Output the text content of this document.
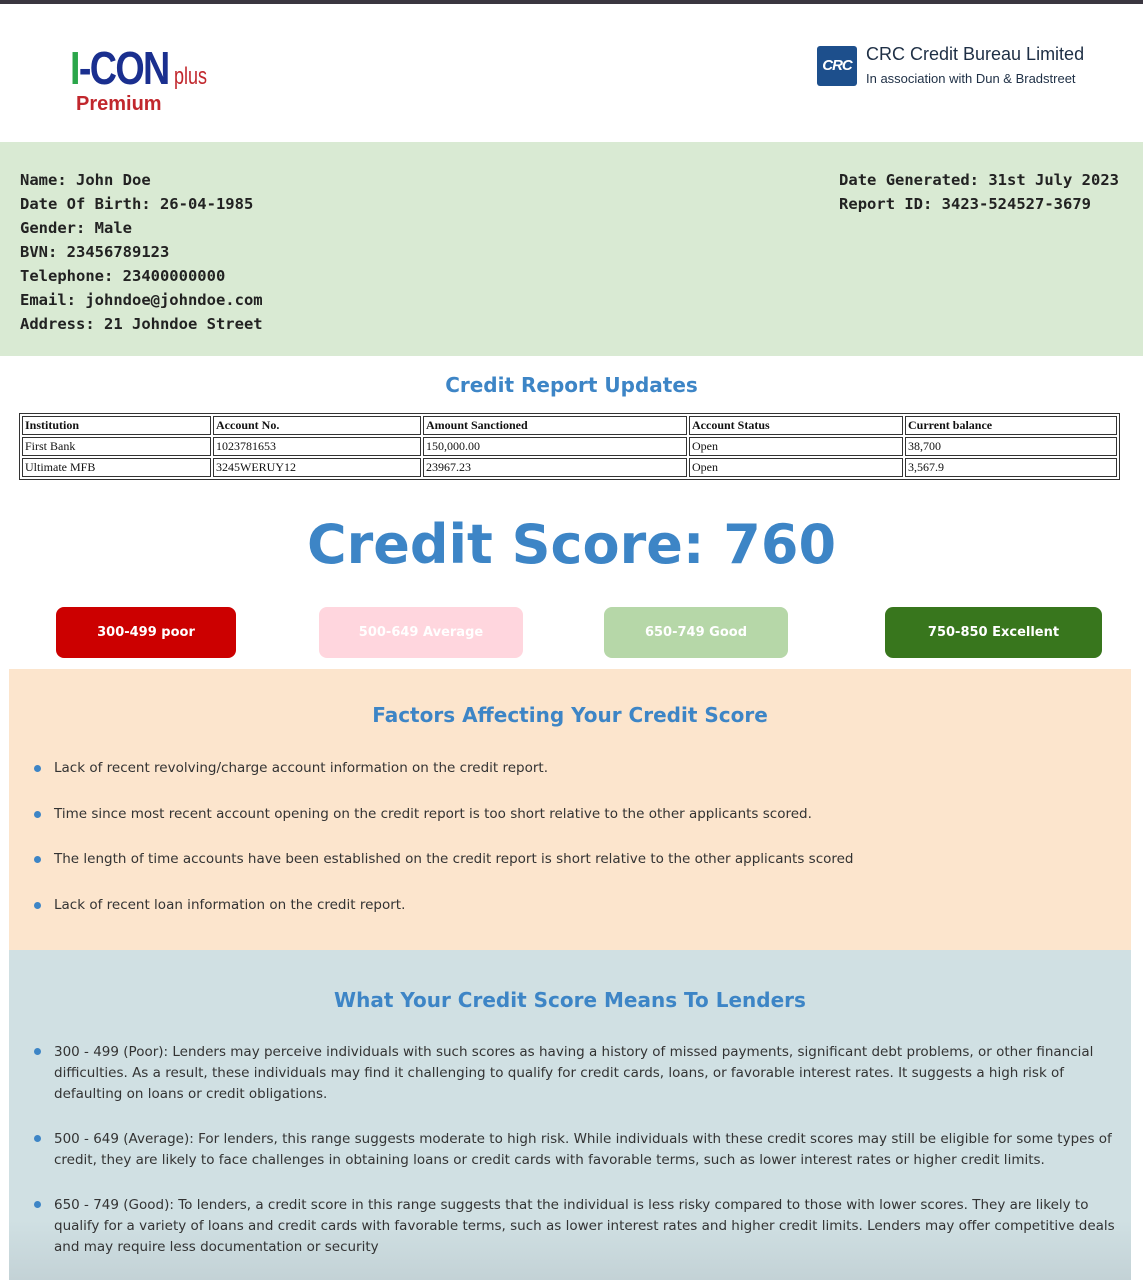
I-CON plus
Premium
CRC
CRC Credit Bureau Limited
In association with Dun & Bradstreet
Name: John Doe
Date Of Birth: 26-04-1985
Gender: Male
BVN: 23456789123
Telephone: 23400000000
Email: johndoe@johndoe.com
Address: 21 Johndoe Street
Date Generated: 31st July 2023
Report ID: 3423-524527-3679
Credit Report Updates
Institution	Account No.	Amount Sanctioned	Account Status	Current balance
First Bank	1023781653	150,000.00	Open	38,700
Ultimate MFB	3245WERUY12	23967.23	Open	3,567.9
Credit Score: 760
300-499 poor	500-649 Average	650-749 Good	750-850 Excellent
Factors Affecting Your Credit Score
Lack of recent revolving/charge account information on the credit report.
Time since most recent account opening on the credit report is too short relative to the other applicants scored.
The length of time accounts have been established on the credit report is short relative to the other applicants scored
Lack of recent loan information on the credit report.
What Your Credit Score Means To Lenders
300 - 499 (Poor): Lenders may perceive individuals with such scores as having a history of missed payments, significant debt problems, or other financial difficulties. As a result, these individuals may find it challenging to qualify for credit cards, loans, or favorable interest rates. It suggests a high risk of defaulting on loans or credit obligations.
500 - 649 (Average): For lenders, this range suggests moderate to high risk. While individuals with these credit scores may still be eligible for some types of credit, they are likely to face challenges in obtaining loans or credit cards with favorable terms, such as lower interest rates or higher credit limits.
650 - 749 (Good): To lenders, a credit score in this range suggests that the individual is less risky compared to those with lower scores. They are likely to qualify for a variety of loans and credit cards with favorable terms, such as lower interest rates and higher credit limits. Lenders may offer competitive deals and may require less documentation or security
